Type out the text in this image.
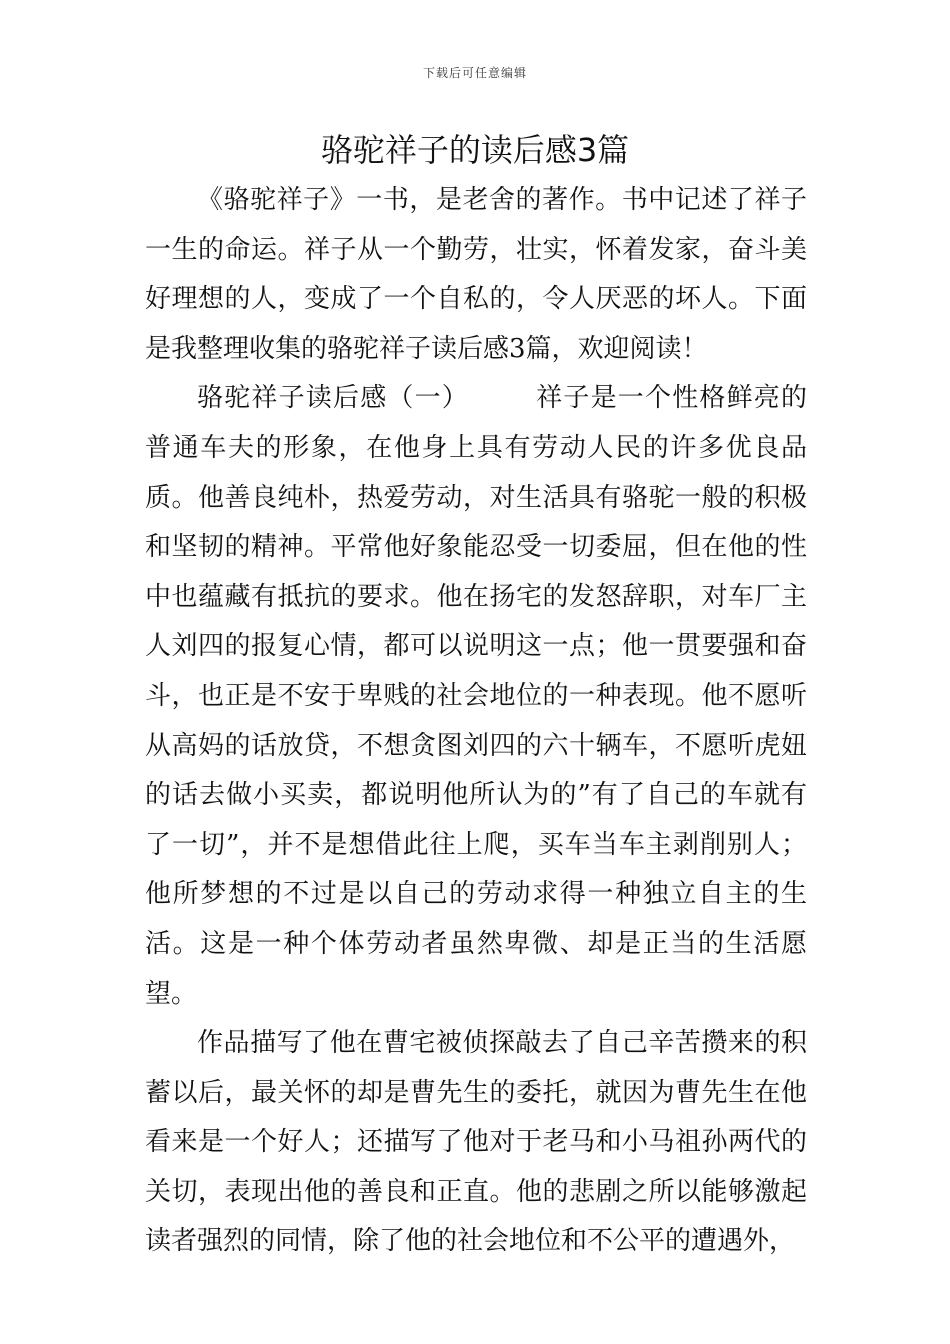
下载后可任意编辑
骆驼祥子的读后感3篇

《骆驼祥子》一书，是老舍的著作。书中记述了祥子一生的命运。祥子从一个勤劳，壮实，怀着发家，奋斗美好理想的人，变成了一个自私的，令人厌恶的坏人。下面是我整理收集的骆驼祥子读后感3篇，欢迎阅读！

骆驼祥子读后感（一）	祥子是一个性格鲜亮的普通车夫的形象，在他身上具有劳动人民的许多优良品质。他善良纯朴，热爱劳动，对生活具有骆驼一般的积极和坚韧的精神。平常他好象能忍受一切委屈，但在他的性中也蕴藏有抵抗的要求。他在扬宅的发怒辞职，对车厂主人刘四的报复心情，都可以说明这一点；他一贯要强和奋斗，也正是不安于卑贱的社会地位的一种表现。他不愿听从高妈的话放贷，不想贪图刘四的六十辆车，不愿听虎妞的话去做小买卖，都说明他所认为的”有了自己的车就有了一切”，并不是想借此往上爬，买车当车主剥削别人；他所梦想的不过是以自己的劳动求得一种独立自主的生活。这是一种个体劳动者虽然卑微、却是正当的生活愿望。

作品描写了他在曹宅被侦探敲去了自己辛苦攒来的积蓄以后，最关怀的却是曹先生的委托，就因为曹先生在他看来是一个好人；还描写了他对于老马和小马祖孙两代的关切，表现出他的善良和正直。他的悲剧之所以能够激起读者强烈的同情，除了他的社会地位和不公平的遭遇外，
